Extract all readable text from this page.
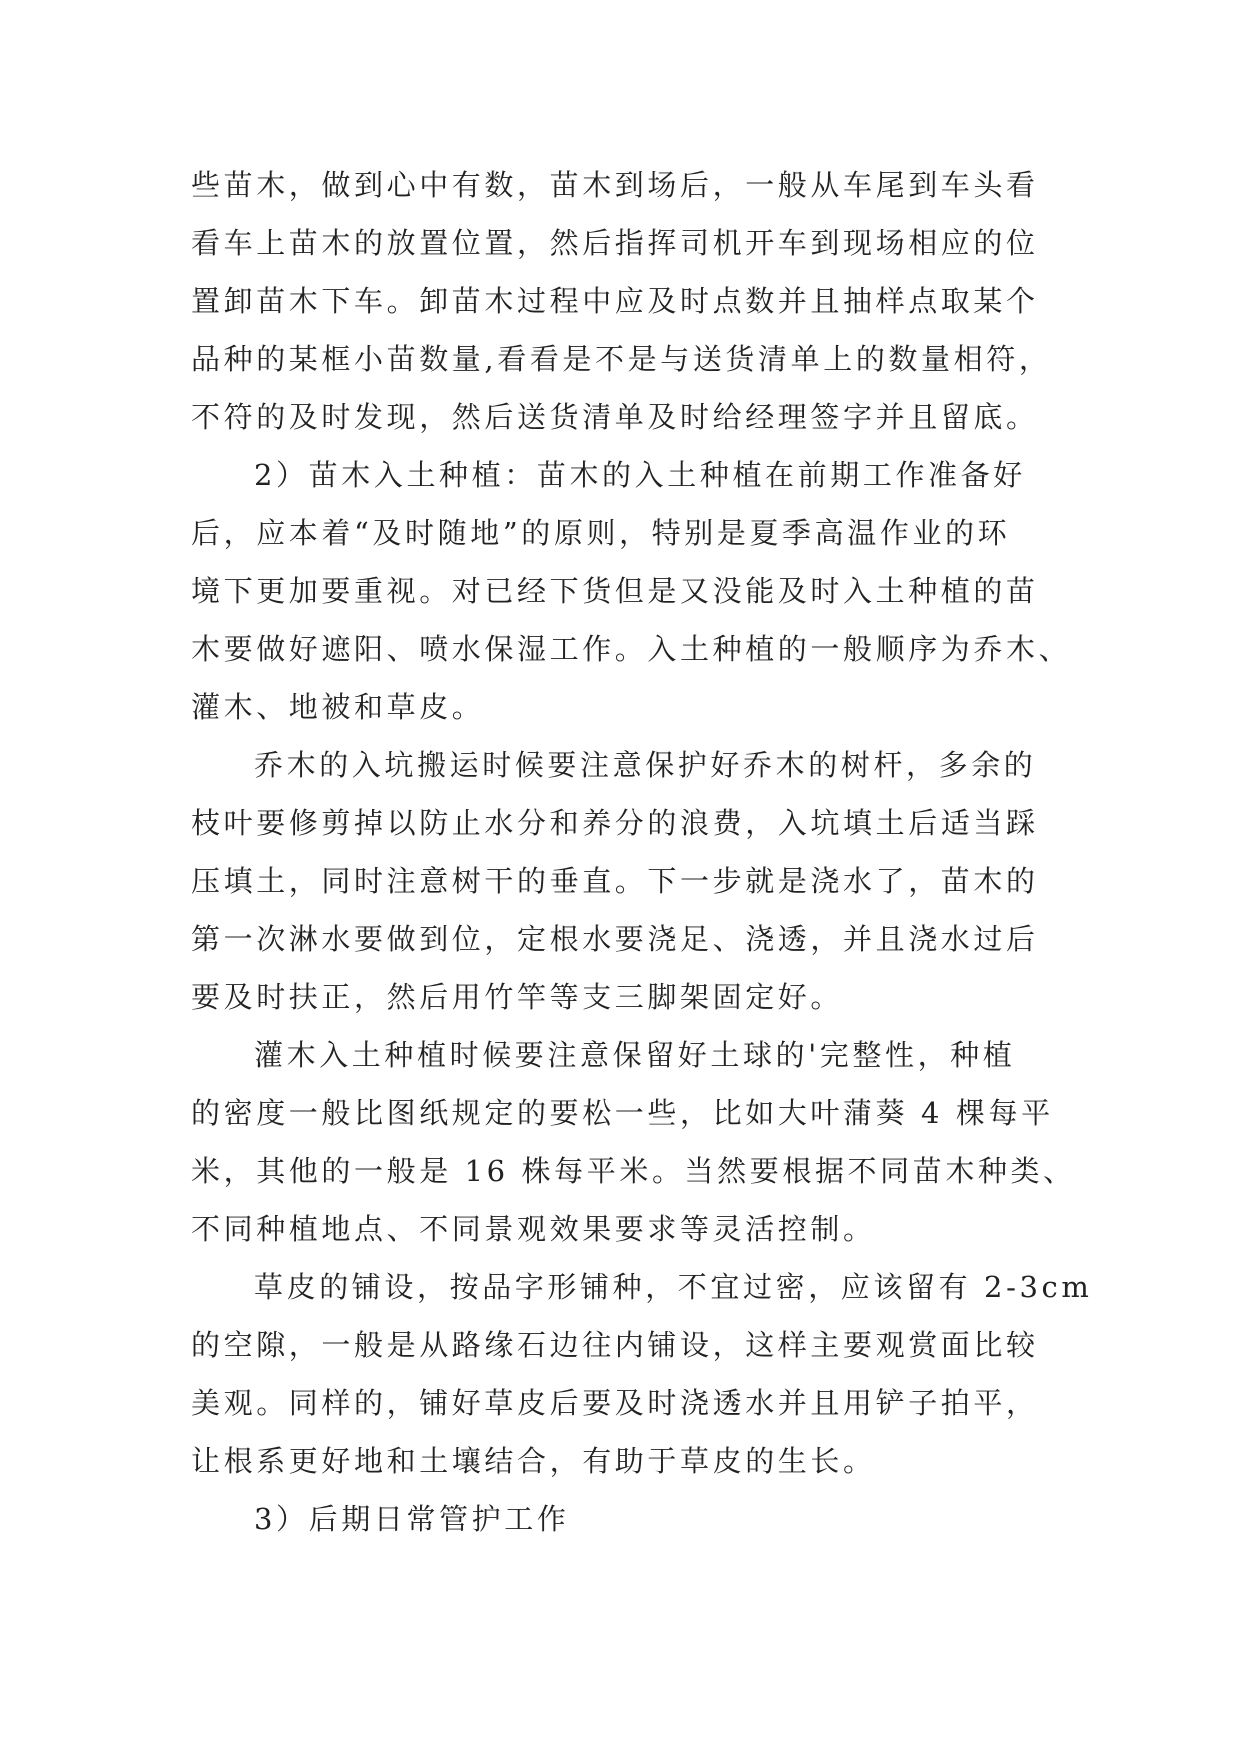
些苗木，做到心中有数，苗木到场后，一般从车尾到车头看
看车上苗木的放置位置，然后指挥司机开车到现场相应的位
置卸苗木下车。卸苗木过程中应及时点数并且抽样点取某个
品种的某框小苗数量,看看是不是与送货清单上的数量相符，
不符的及时发现，然后送货清单及时给经理签字并且留底。
2）苗木入土种植：苗木的入土种植在前期工作准备好
后，应本着“及时随地”的原则，特别是夏季高温作业的环
境下更加要重视。对已经下货但是又没能及时入土种植的苗
木要做好遮阳、喷水保湿工作。入土种植的一般顺序为乔木、
灌木、地被和草皮。
乔木的入坑搬运时候要注意保护好乔木的树杆，多余的
枝叶要修剪掉以防止水分和养分的浪费，入坑填土后适当踩
压填土，同时注意树干的垂直。下一步就是浇水了，苗木的
第一次淋水要做到位，定根水要浇足、浇透，并且浇水过后
要及时扶正，然后用竹竿等支三脚架固定好。
灌木入土种植时候要注意保留好土球的'完整性，种植
的密度一般比图纸规定的要松一些，比如大叶蒲葵 4 棵每平
米，其他的一般是 16 株每平米。当然要根据不同苗木种类、
不同种植地点、不同景观效果要求等灵活控制。
草皮的铺设，按品字形铺种，不宜过密，应该留有 2-3cm
的空隙，一般是从路缘石边往内铺设，这样主要观赏面比较
美观。同样的，铺好草皮后要及时浇透水并且用铲子拍平，
让根系更好地和土壤结合，有助于草皮的生长。
3）后期日常管护工作
